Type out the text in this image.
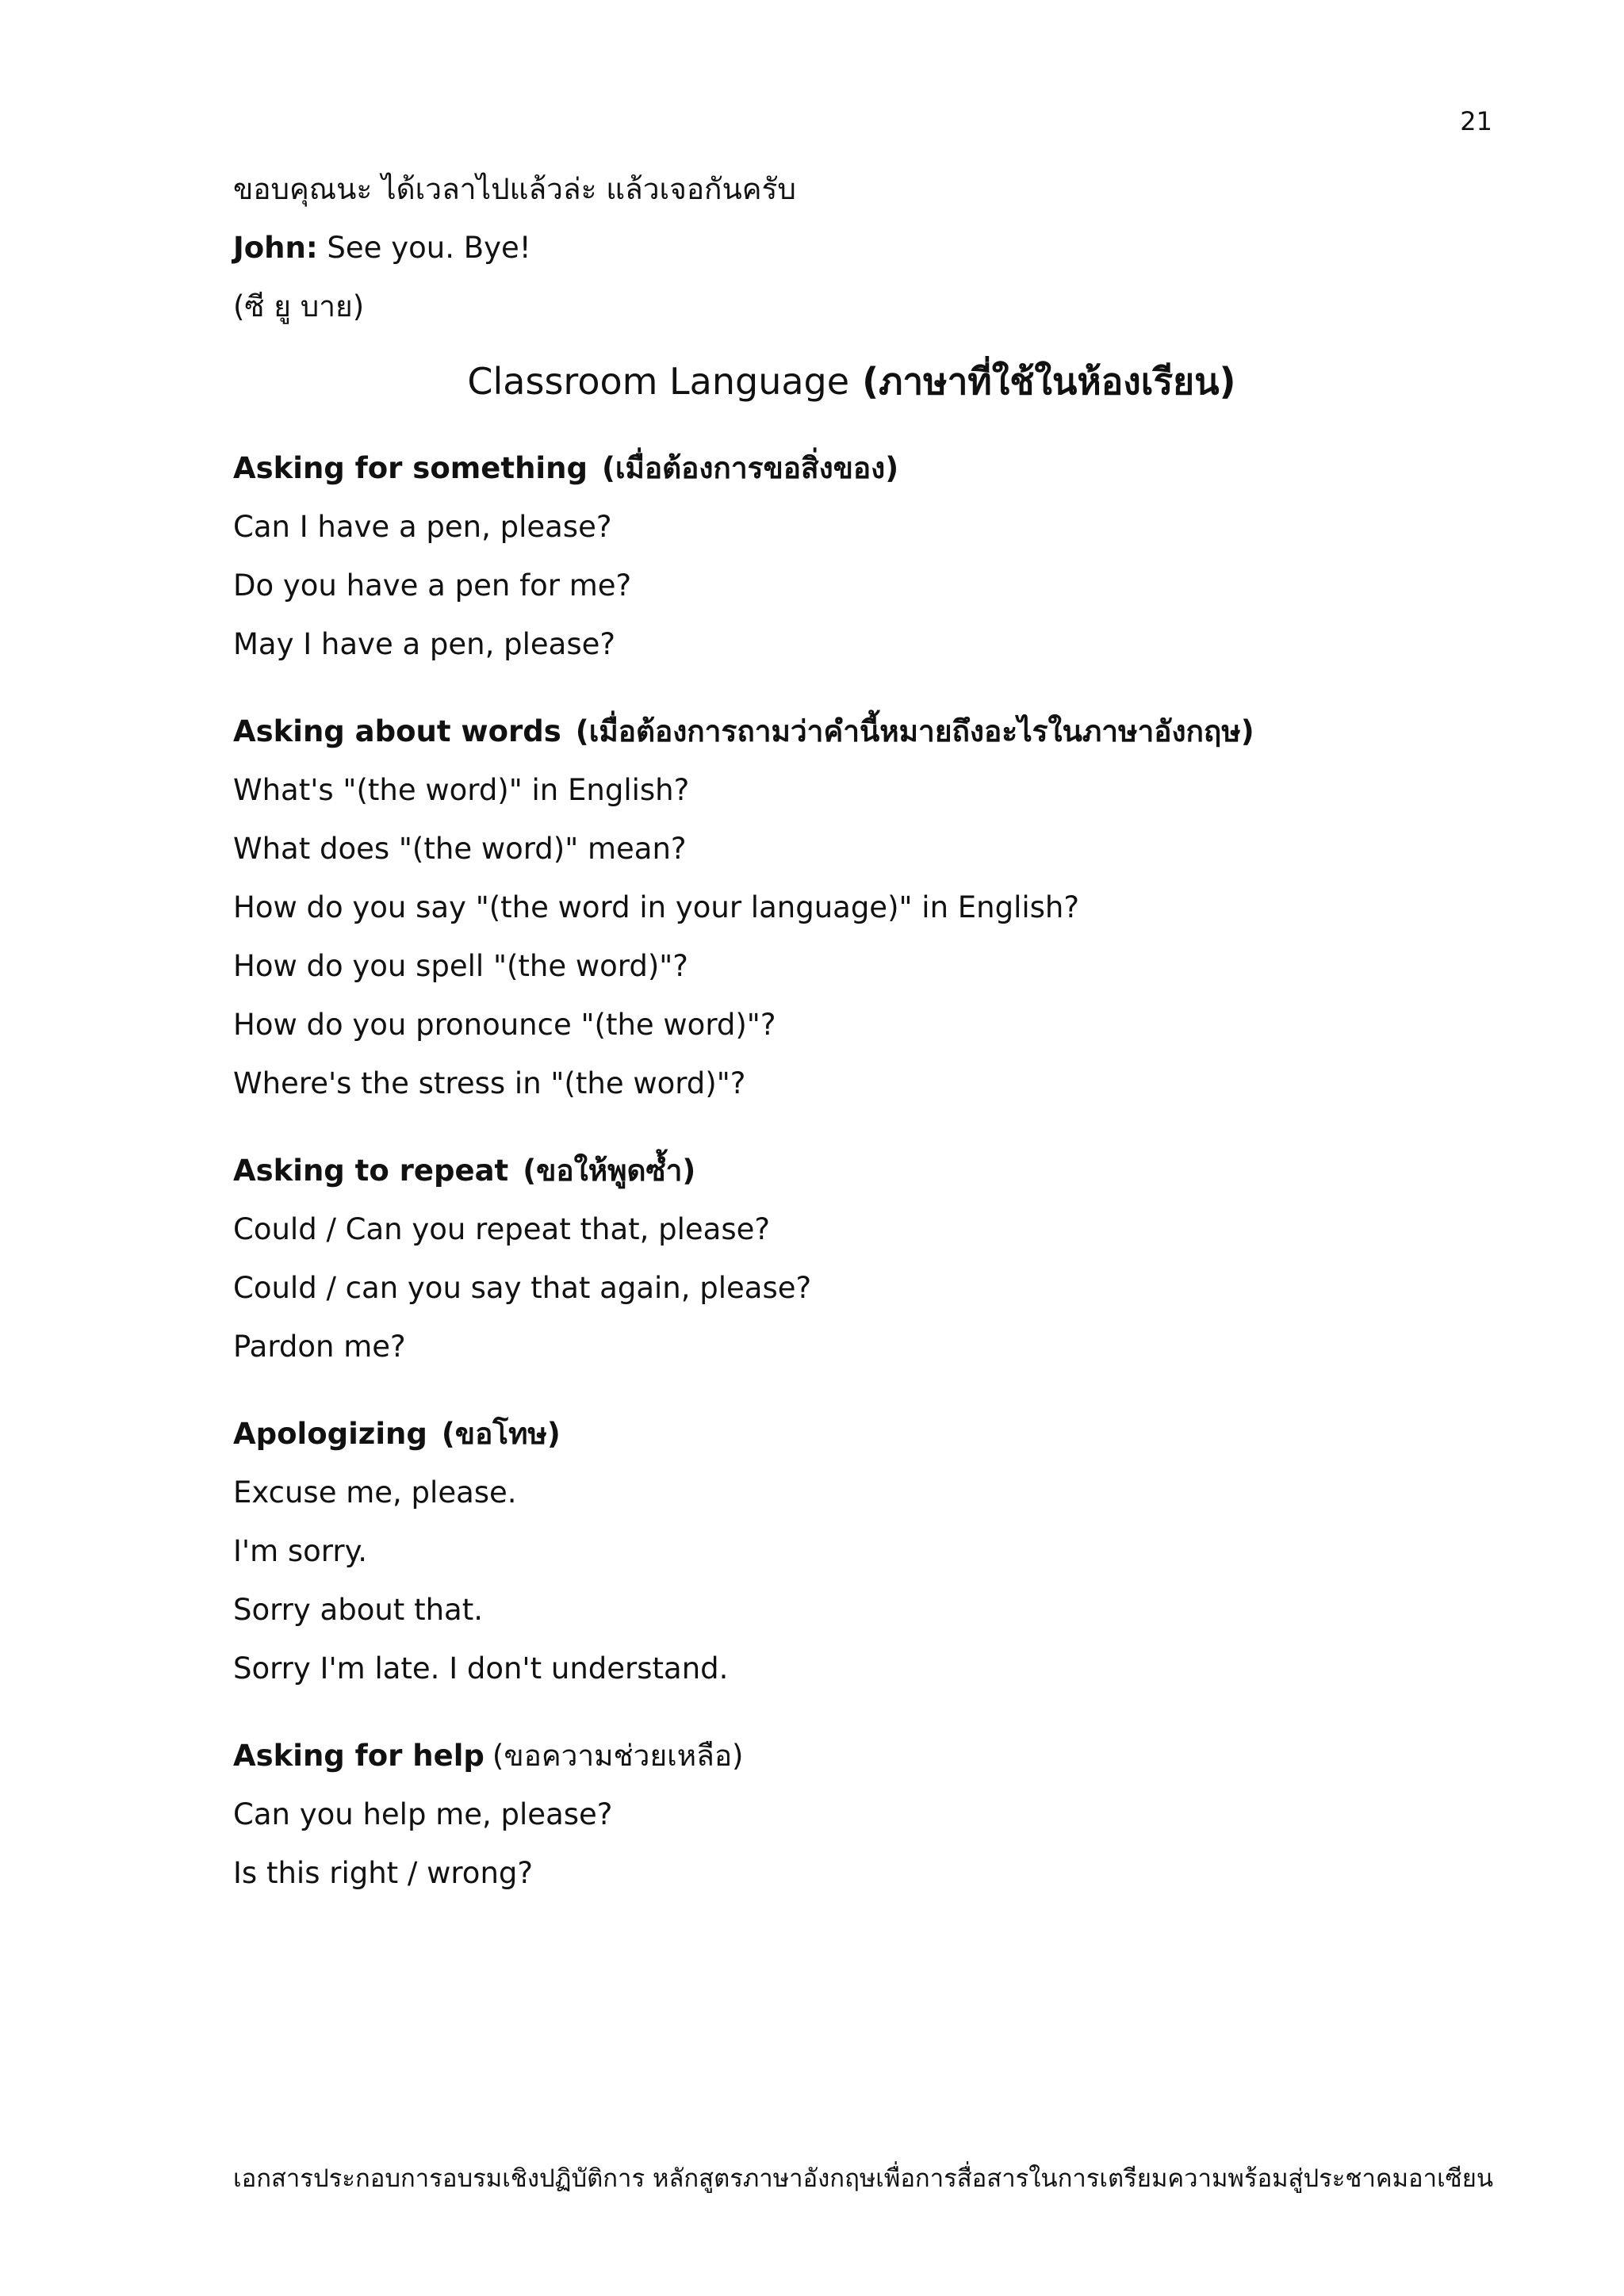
21
ขอบคุณนะ ได้เวลาไปแล้วล่ะ แล้วเจอกันครับ
John: See you. Bye!
(ซี ยู บาย)
Classroom Language (ภาษาที่ใช้ในห้องเรียน)
Asking for something (เมื่อต้องการขอสิ่งของ)
Can I have a pen, please?
Do you have a pen for me?
May I have a pen, please?
Asking about words (เมื่อต้องการถามว่าคำนี้หมายถึงอะไรในภาษาอังกฤษ)
What's "(the word)" in English?
What does "(the word)" mean?
How do you say "(the word in your language)" in English?
How do you spell "(the word)"?
How do you pronounce "(the word)"?
Where's the stress in "(the word)"?
Asking to repeat (ขอให้พูดซ้ำ)
Could / Can you repeat that, please?
Could / can you say that again, please?
Pardon me?
Apologizing (ขอโทษ)
Excuse me, please.
I'm sorry.
Sorry about that.
Sorry I'm late. I don't understand.
Asking for help (ขอความช่วยเหลือ)
Can you help me, please?
Is this right / wrong?
เอกสารประกอบการอบรมเชิงปฏิบัติการ หลักสูตรภาษาอังกฤษเพื่อการสื่อสารในการเตรียมความพร้อมสู่ประชาคมอาเซียน
